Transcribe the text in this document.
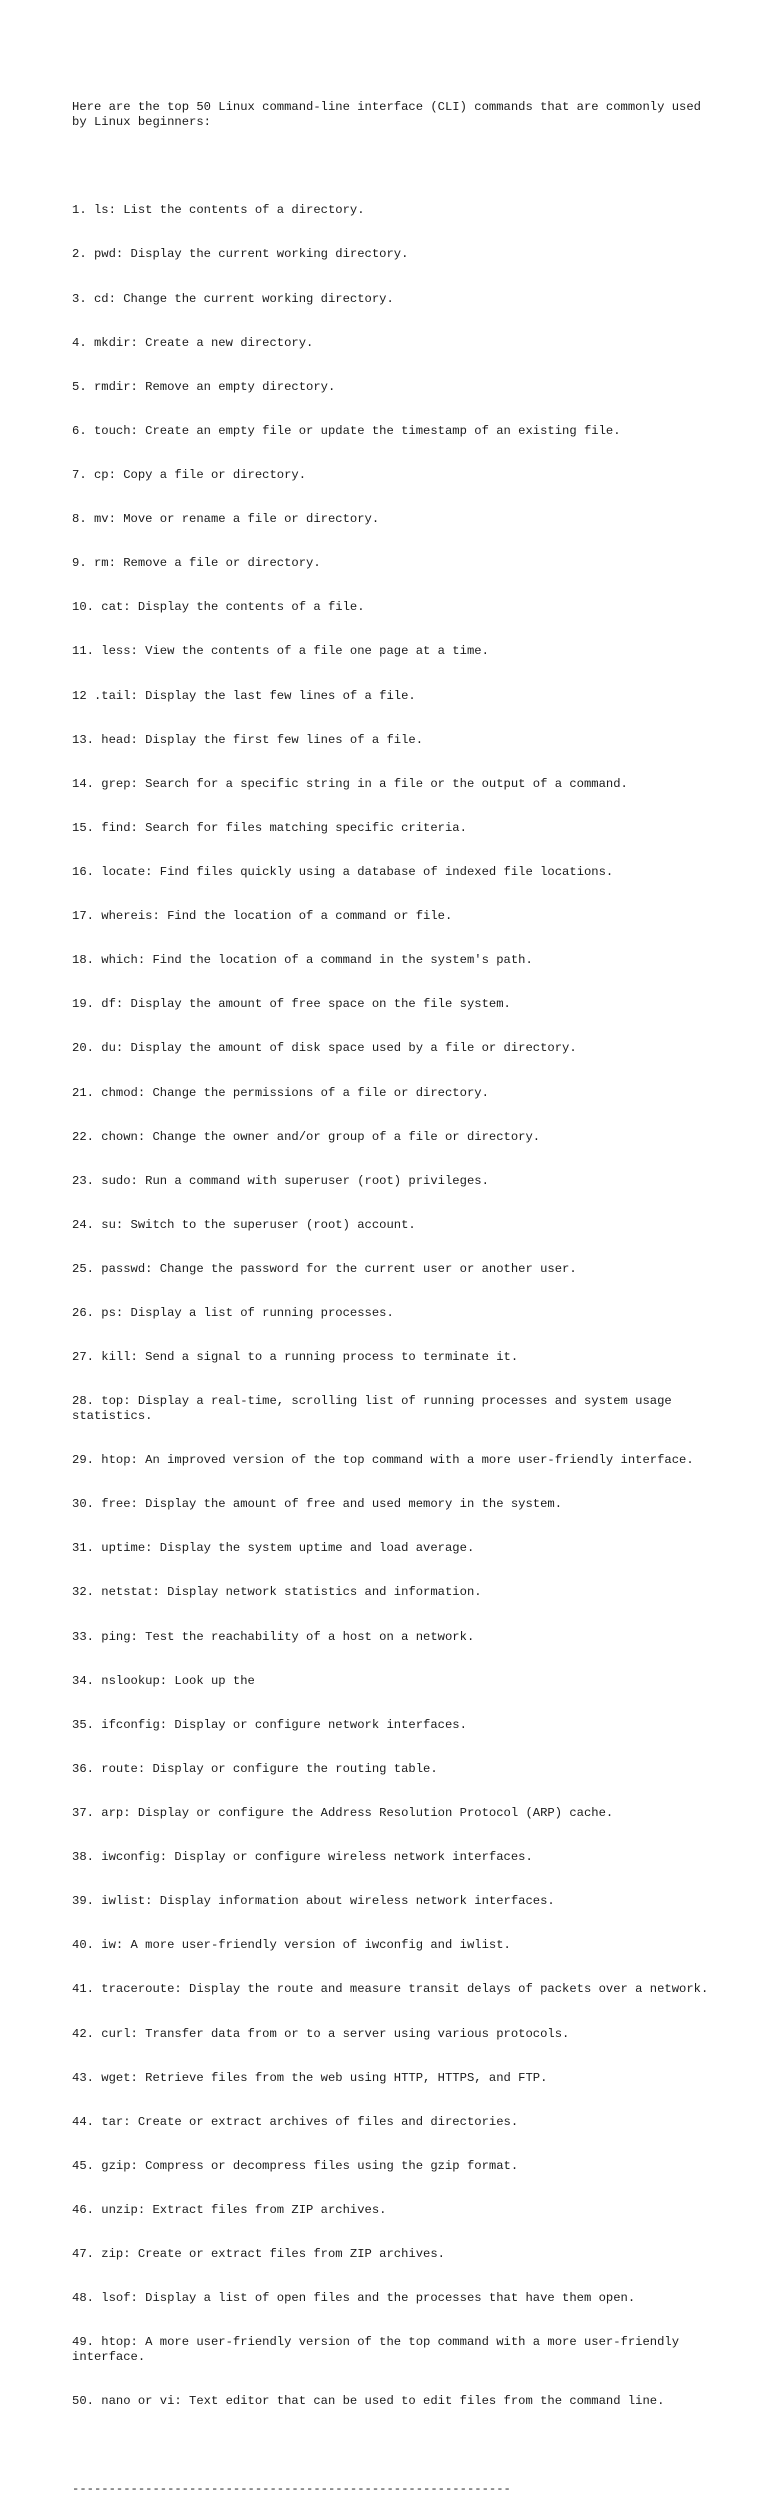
Here are the top 50 Linux command-line interface (CLI) commands that are commonly used by Linux beginners:

1. ls: List the contents of a directory.

2. pwd: Display the current working directory.

3. cd: Change the current working directory.

4. mkdir: Create a new directory.

5. rmdir: Remove an empty directory.

6. touch: Create an empty file or update the timestamp of an existing file.

7. cp: Copy a file or directory.

8. mv: Move or rename a file or directory.

9. rm: Remove a file or directory.

10. cat: Display the contents of a file.

11. less: View the contents of a file one page at a time.

12 .tail: Display the last few lines of a file.

13. head: Display the first few lines of a file.

14. grep: Search for a specific string in a file or the output of a command.

15. find: Search for files matching specific criteria.

16. locate: Find files quickly using a database of indexed file locations.

17. whereis: Find the location of a command or file.

18. which: Find the location of a command in the system's path.

19. df: Display the amount of free space on the file system.

20. du: Display the amount of disk space used by a file or directory.

21. chmod: Change the permissions of a file or directory.

22. chown: Change the owner and/or group of a file or directory.

23. sudo: Run a command with superuser (root) privileges.

24. su: Switch to the superuser (root) account.

25. passwd: Change the password for the current user or another user.

26. ps: Display a list of running processes.

27. kill: Send a signal to a running process to terminate it.

28. top: Display a real-time, scrolling list of running processes and system usage statistics.

29. htop: An improved version of the top command with a more user-friendly interface.

30. free: Display the amount of free and used memory in the system.

31. uptime: Display the system uptime and load average.

32. netstat: Display network statistics and information.

33. ping: Test the reachability of a host on a network.

34. nslookup: Look up the

35. ifconfig: Display or configure network interfaces.

36. route: Display or configure the routing table.

37. arp: Display or configure the Address Resolution Protocol (ARP) cache.

38. iwconfig: Display or configure wireless network interfaces.

39. iwlist: Display information about wireless network interfaces.

40. iw: A more user-friendly version of iwconfig and iwlist.

41. traceroute: Display the route and measure transit delays of packets over a network.

42. curl: Transfer data from or to a server using various protocols.

43. wget: Retrieve files from the web using HTTP, HTTPS, and FTP.

44. tar: Create or extract archives of files and directories.

45. gzip: Compress or decompress files using the gzip format.

46. unzip: Extract files from ZIP archives.

47. zip: Create or extract files from ZIP archives.

48. lsof: Display a list of open files and the processes that have them open.

49. htop: A more user-friendly version of the top command with a more user-friendly interface.

50. nano or vi: Text editor that can be used to edit files from the command line.

------------------------------------------------------------
